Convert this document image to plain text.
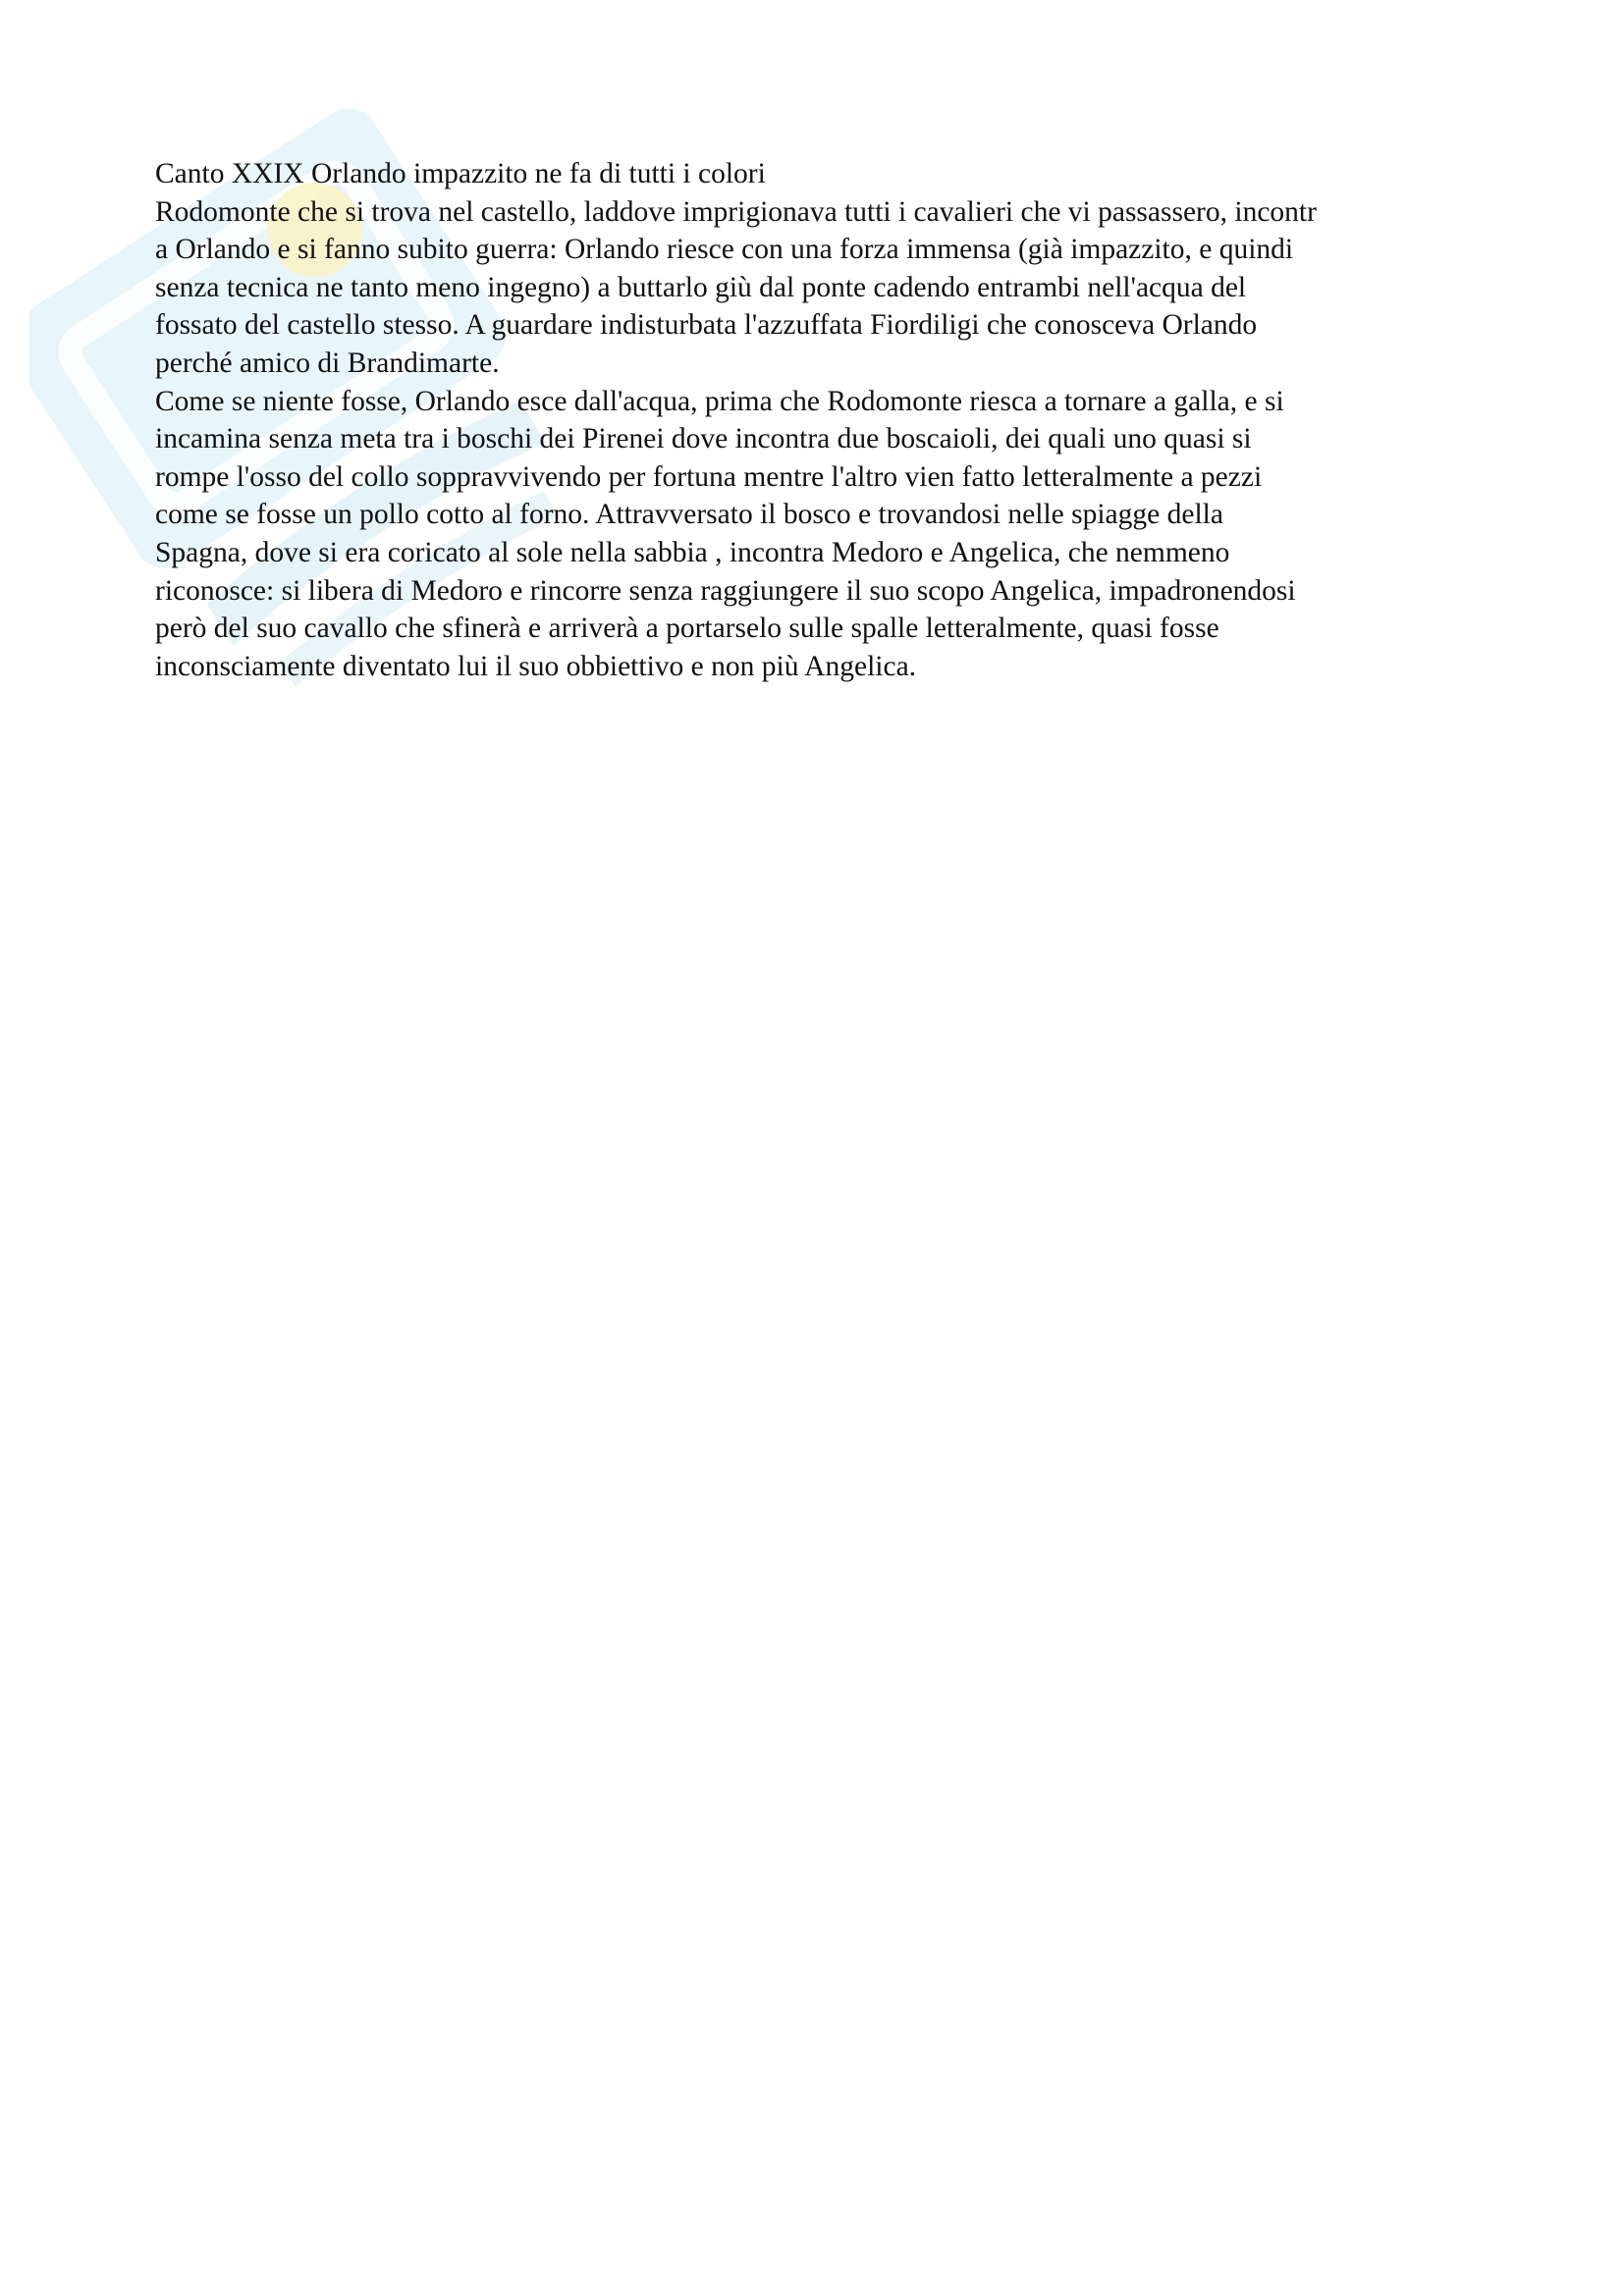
Canto XXIX Orlando impazzito ne fa di tutti i colori

Rodomonte che si trova nel castello, laddove imprigionava tutti i cavalieri che vi passassero, incontr
a Orlando e si fanno subito guerra: Orlando riesce con una forza immensa (già impazzito, e quindi
senza tecnica ne tanto meno ingegno) a buttarlo giù dal ponte cadendo entrambi nell'acqua del
fossato del castello stesso. A guardare indisturbata l'azzuffata Fiordiligi che conosceva Orlando
perché amico di Brandimarte.

Come se niente fosse, Orlando esce dall'acqua, prima che Rodomonte riesca a tornare a galla, e si
incamina senza meta tra i boschi dei Pirenei dove incontra due boscaioli, dei quali uno quasi si
rompe l'osso del collo soppravvivendo per fortuna mentre l'altro vien fatto letteralmente a pezzi
come se fosse un pollo cotto al forno. Attravversato il bosco e trovandosi nelle spiagge della
Spagna, dove si era coricato al sole nella sabbia , incontra Medoro e Angelica, che nemmeno
riconosce: si libera di Medoro e rincorre senza raggiungere il suo scopo Angelica, impadronendosi
però del suo cavallo che sfinerà e arriverà a portarselo sulle spalle letteralmente, quasi fosse
inconsciamente diventato lui il suo obbiettivo e non più Angelica.
